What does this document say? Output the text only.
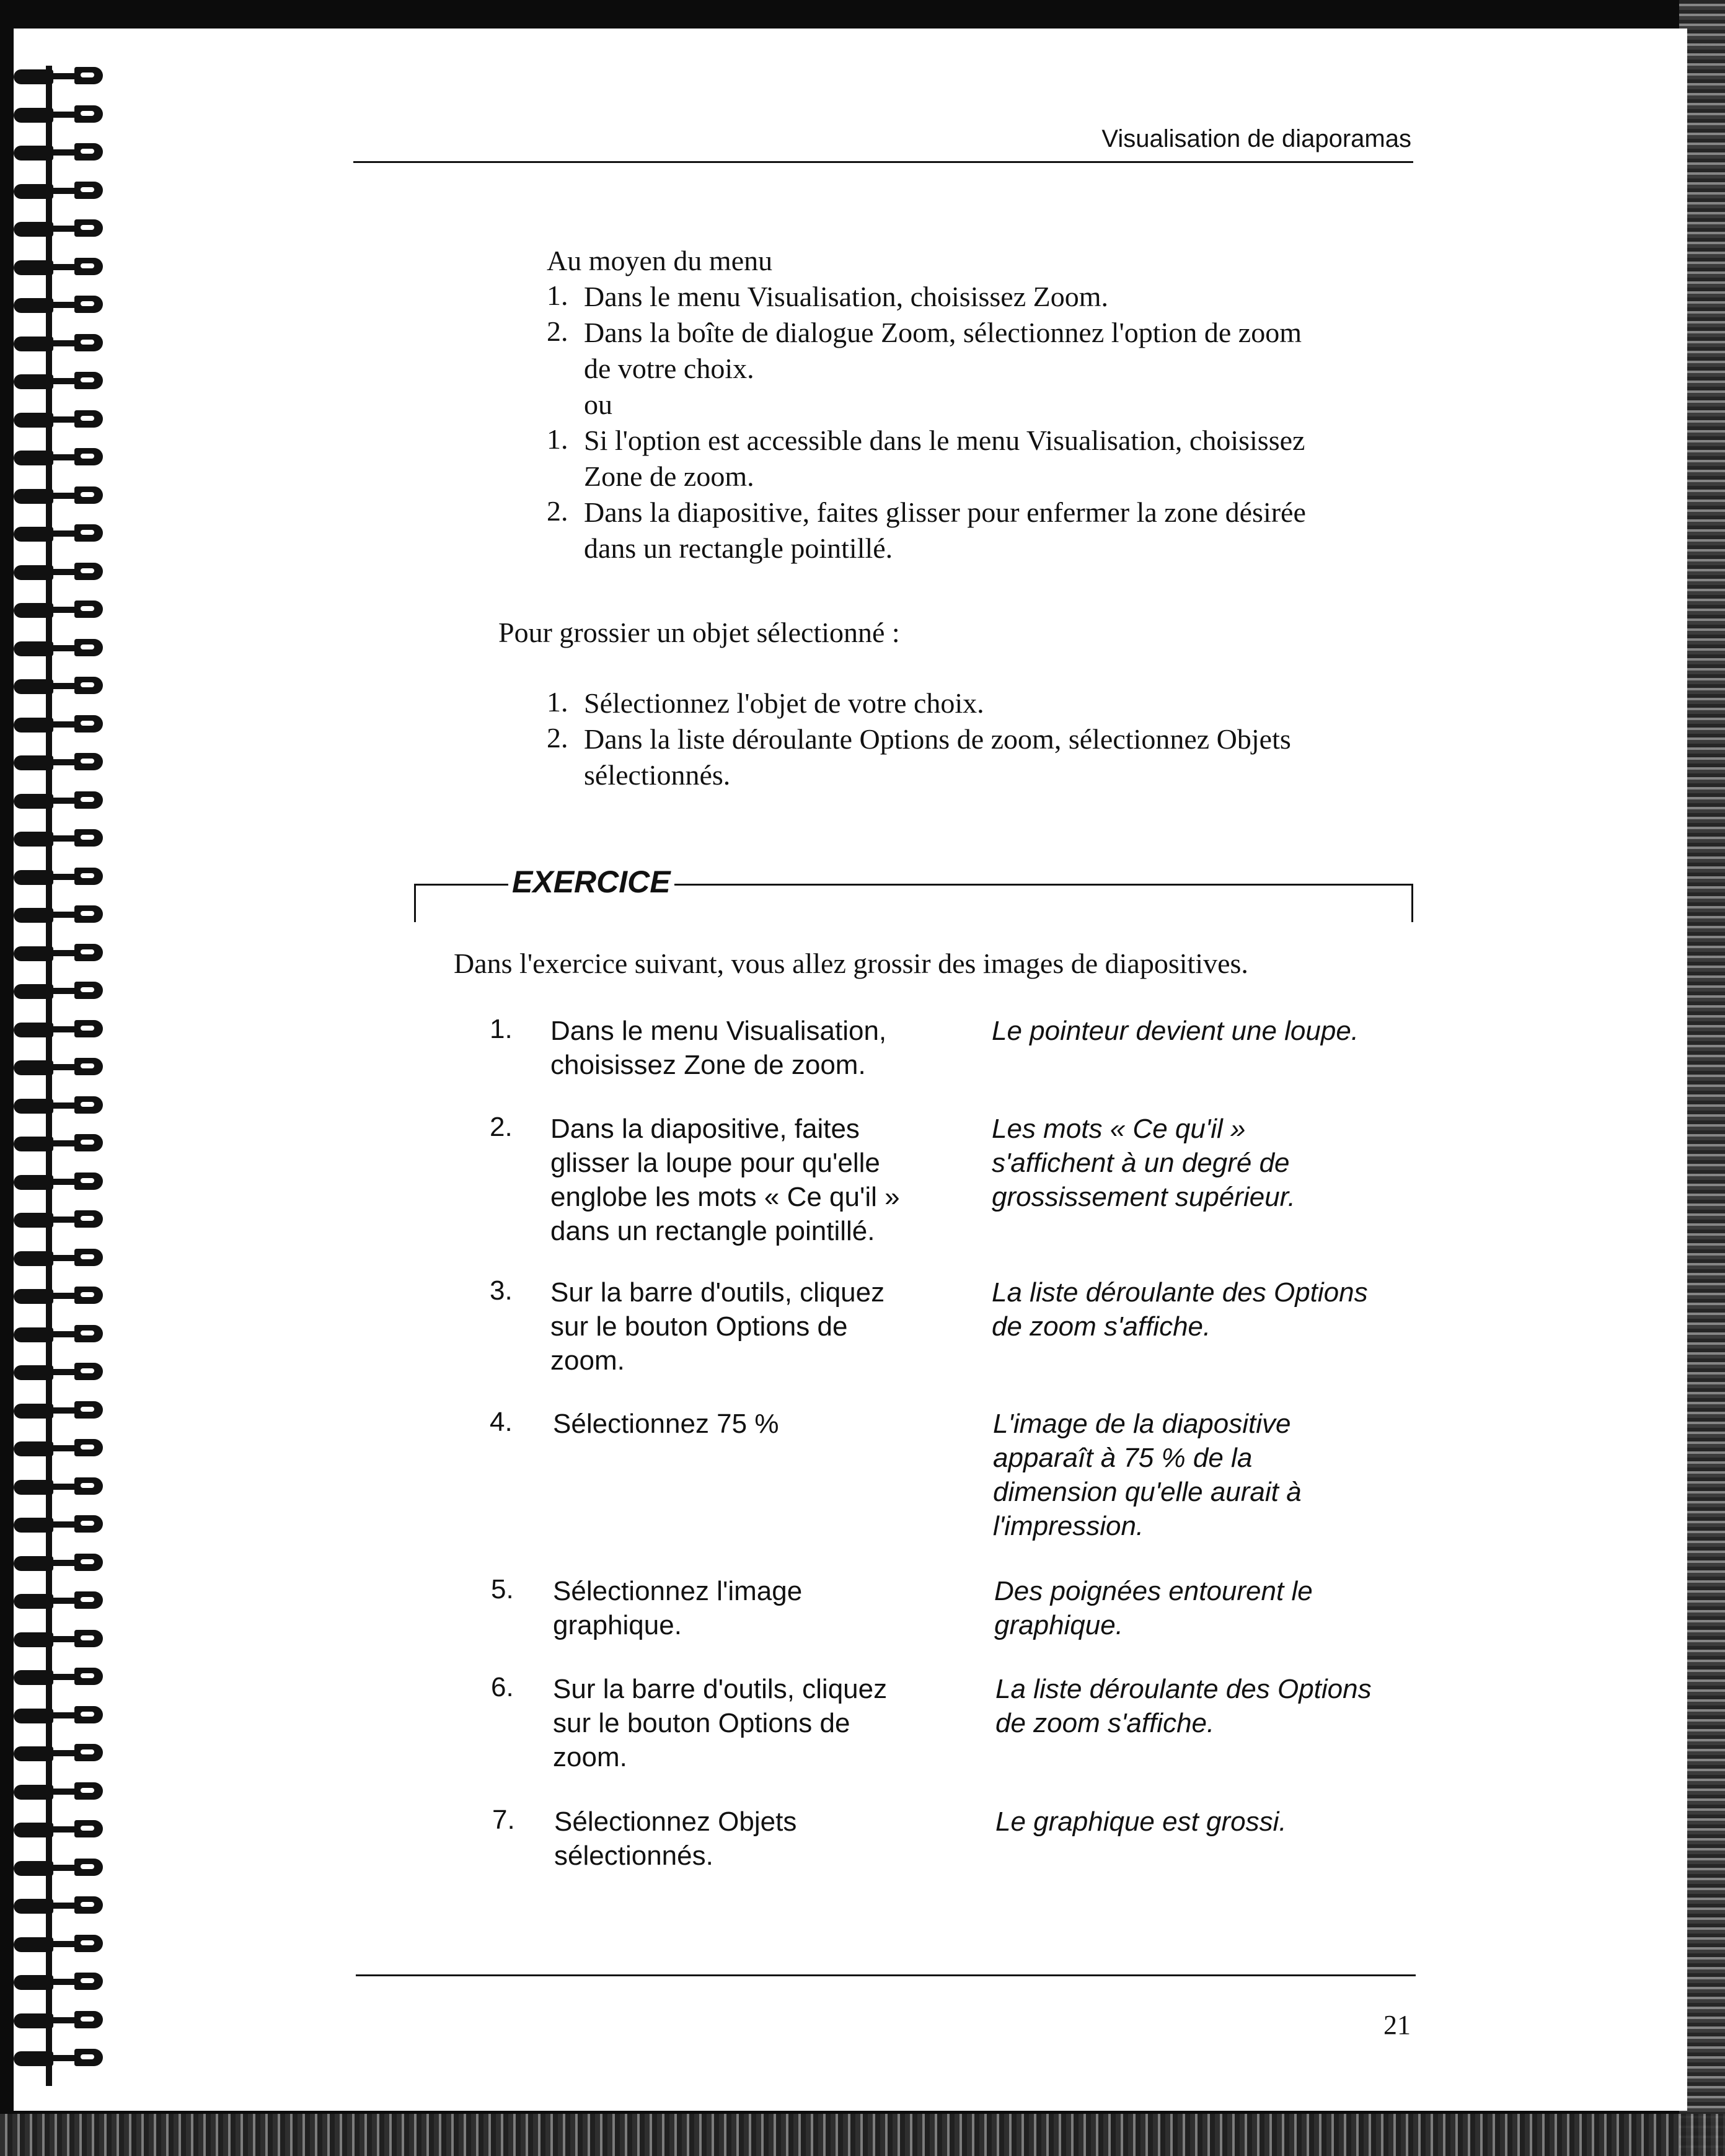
Visualisation de diaporamas
Au moyen du menu
1. Dans le menu Visualisation, choisissez Zoom.
2. Dans la boîte de dialogue Zoom, sélectionnez l'option de zoom
de votre choix.
ou
1. Si l'option est accessible dans le menu Visualisation, choisissez
Zone de zoom.
2. Dans la diapositive, faites glisser pour enfermer la zone désirée
dans un rectangle pointillé.
Pour grossier un objet sélectionné :
1. Sélectionnez l'objet de votre choix.
2. Dans la liste déroulante Options de zoom, sélectionnez Objets
sélectionnés.
EXERCICE
Dans l'exercice suivant, vous allez grossir des images de diapositives.
1. Dans le menu Visualisation,
choisissez Zone de zoom.
Le pointeur devient une loupe.
2. Dans la diapositive, faites
glisser la loupe pour qu'elle
englobe les mots « Ce qu'il »
dans un rectangle pointillé.
Les mots « Ce qu'il »
s'affichent à un degré de
grossissement supérieur.
3. Sur la barre d'outils, cliquez
sur le bouton Options de
zoom.
La liste déroulante des Options
de zoom s'affiche.
4. Sélectionnez 75 %	L'image de la diapositive
apparaît à 75 % de la
dimension qu'elle aurait à
l'impression.
5. Sélectionnez l'image
graphique.
Des poignées entourent le
graphique.
6. Sur la barre d'outils, cliquez
sur le bouton Options de
zoom.
La liste déroulante des Options
de zoom s'affiche.
7. Sélectionnez Objets
sélectionnés.
Le graphique est grossi.
21
